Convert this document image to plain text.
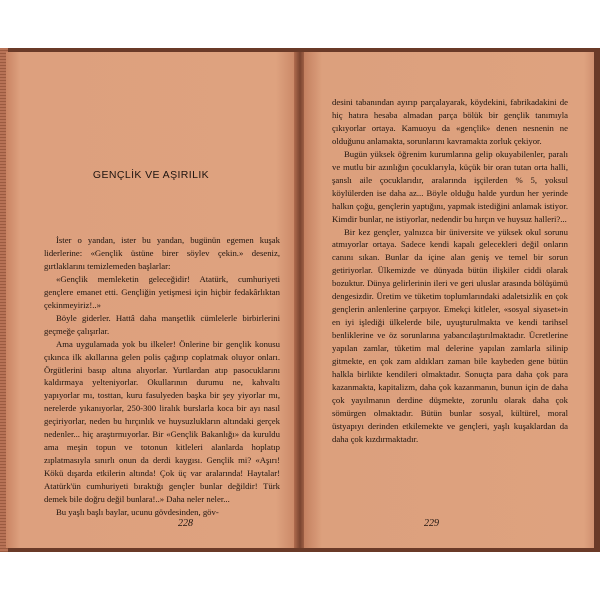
GENÇLİK VE AŞIRILIK

İster o yandan, ister bu yandan, bugünün egemen kuşak liderlerine: «Gençlik üstüne birer söylev çekin.» deseniz, gırtlaklarını temizlemeden başlarlar:

«Gençlik memleketin geleceğidir! Atatürk, cumhuriyeti gençlere emanet etti. Gençliğin yetişmesi için hiçbir fedakârlıktan çekinmeyiriz!..»

Böyle giderler. Hattâ daha manşetlik cümlelerle birbirlerini geçmeğe çalışırlar.

Ama uygulamada yok bu ilkeler! Önlerine bir gençlik konusu çıkınca ilk akıllarına gelen polis çağırıp coplatmak oluyor onları. Örgütlerini basıp altına alıyorlar. Yurtlardan atıp pasocuklarını kaldırmaya yelteniyorlar. Okullarının durumu ne, kahvaltı yapıyorlar mı, tosttan, kuru fasulyeden başka bir şey yiyorlar mı, nerelerde yıkanıyorlar, 250-300 liralık burslarla koca bir ayı nasıl geçiriyorlar, neden bu hırçınlık ve huysuzlukların altındaki gerçek nedenler... hiç araştırmıyorlar. Bir «Gençlik Bakanlığı» da kuruldu ama meşin topun ve totonun kitleleri alanlarda hoplatıp zıplatmasıyla sınırlı onun da derdi kaygısı. Gençlik mi? «Aşırı! Kökü dışarda etkilerin altında! Çok üç var aralarında! Haytalar! Atatürk'ün cumhuriyeti bıraktığı gençler bunlar değildir! Türk demek bile doğru değil bunlara!..» Daha neler neler...

Bu yaşlı başlı baylar, ucunu gövdesinden, göv-

228

desini tabanından ayırıp parçalayarak, köydekini, fabrikadakini de hiç hatıra hesaba almadan parça bölük bir gençlik tanımıyla çıkıyorlar ortaya. Kamuoyu da «gençlik» denen nesnenin ne olduğunu anlamakta, sorunlarını kavramakta zorluk çekiyor.

Bugün yüksek öğrenim kurumlarına gelip okuyabilenler, paralı ve mutlu bir azınlığın çocuklarıyla, küçük bir oran tutan orta halli, şanslı aile çocuklarıdır, aralarında işçilerden % 5, yoksul köylülerden ise daha az... Böyle olduğu halde yurdun her yerinde halkın çoğu, gençlerin yaptığını, yapmak istediğini anlamak istiyor. Kimdir bunlar, ne istiyorlar, nedendir bu hırçın ve huysuz halleri?...

Bir kez gençler, yalnızca bir üniversite ve yüksek okul sorunu atmıyorlar ortaya. Sadece kendi kapalı gelecekleri değil onların canını sıkan. Bunlar da içine alan geniş ve temel bir sorun getiriyorlar. Ülkemizde ve dünyada bütün ilişkiler ciddi olarak bozuktur. Dünya gelirlerinin ileri ve geri uluslar arasında bölüşümü dengesizdir. Üretim ve tüketim toplumlarındaki adaletsizlik en çok gençlerin anlenlerine çarpıyor. Emekçi kitleler, «sosyal siyaset»in en iyi işlediği ülkelerde bile, uyuşturulmakta ve kendi tarihsel benliklerine ve öz sorunlarına yabancılaştırılmaktadır. Ücretlerine yapılan zamlar, tüketim mal delerine yapılan zamlarla silinip gitmekte, en çok zam aldıkları zaman bile kaybeden gene bütün halkla birlikte kendileri olmaktadır. Sonuçta para daha çok para kazanmakta, kapitalizm, daha çok kazanmanın, bunun için de daha çok yayılmanın derdine düşmekte, zorunlu olarak daha çok sömürgen olmaktadır. Bütün bunlar sosyal, kültürel, moral üstyapıyı derinden etkilemekte ve gençleri, yaşlı kuşaklardan da daha çok kızdırmaktadır.

229
